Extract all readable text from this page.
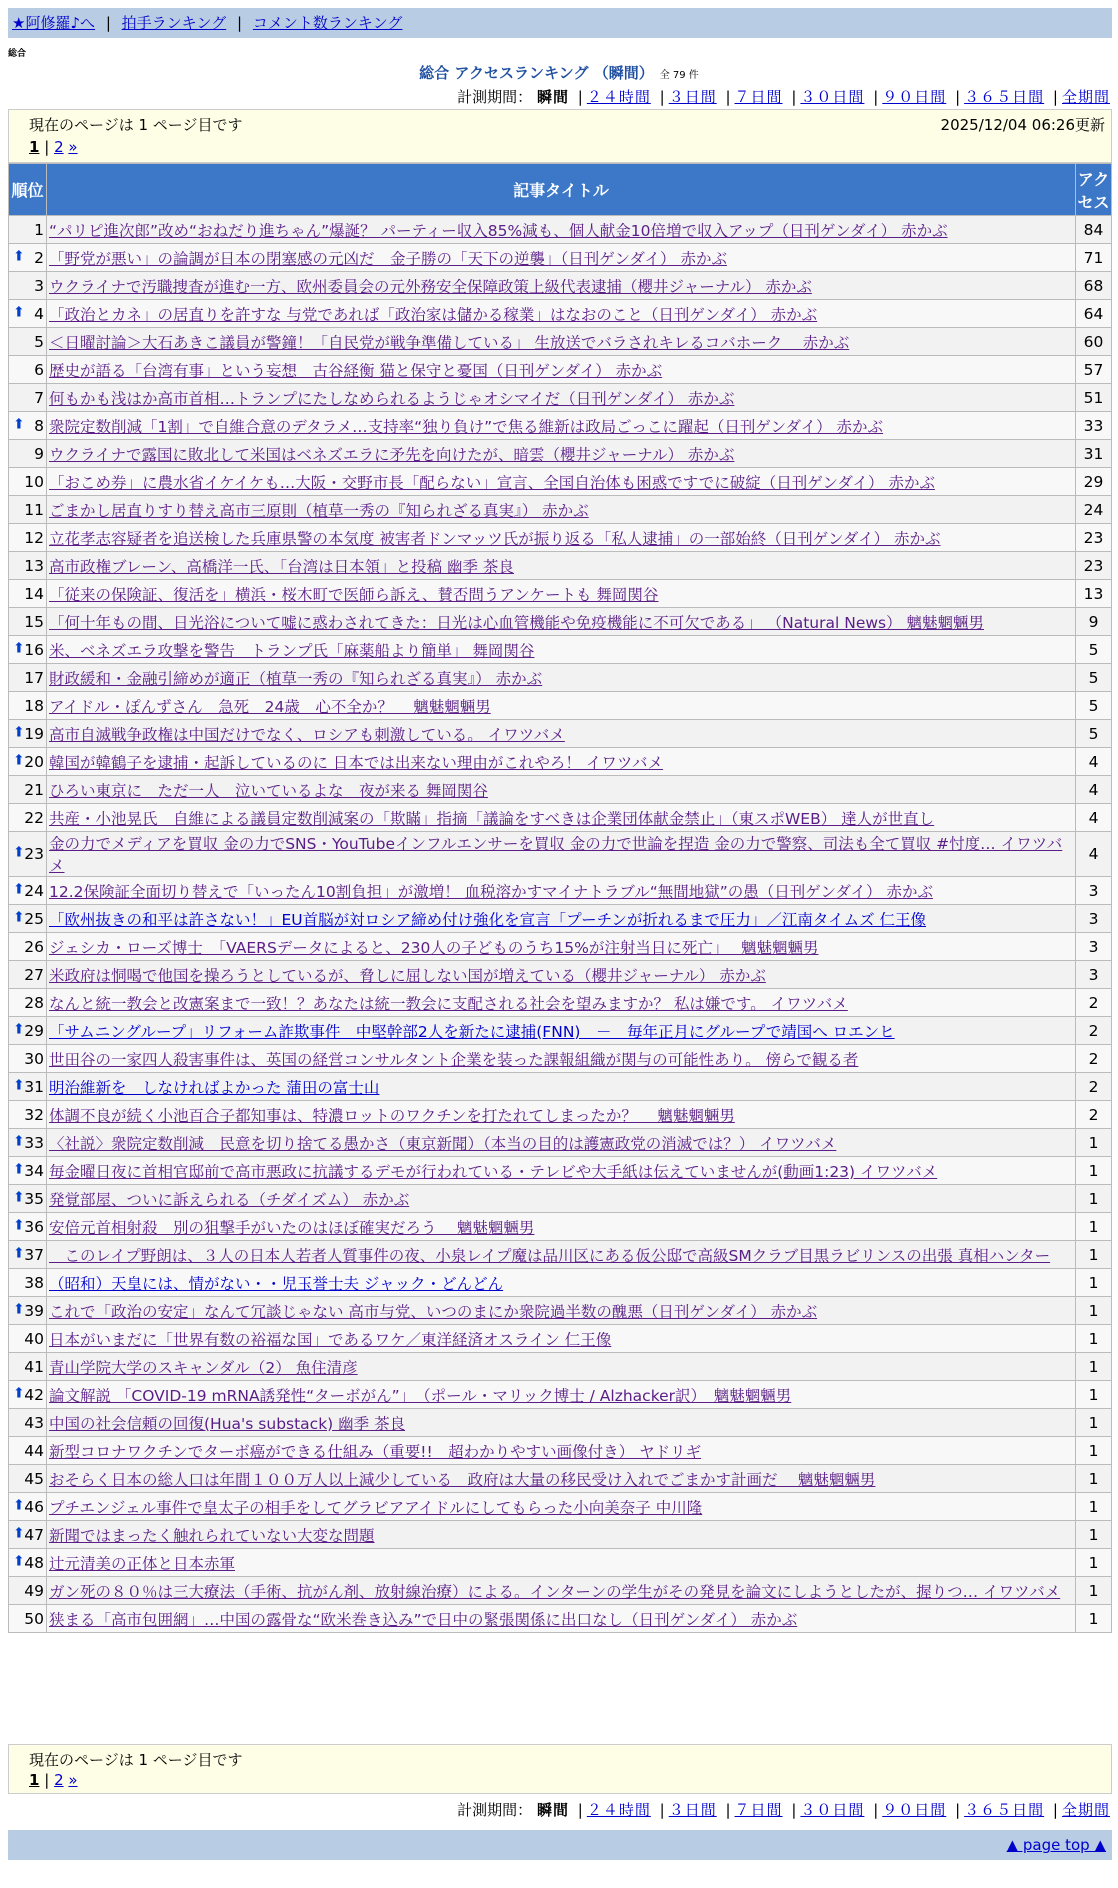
★阿修羅♪へ | 拍手ランキング | コメント数ランキング
総合
総合 アクセスランキング （瞬間） 全 79 件
計測期間： 瞬間 | ２４時間 | ３日間 | ７日間 | ３０日間 | ９０日間 | ３６５日間 | 全期間
現在のページは 1 ページ目です	2025/12/04 06:26更新
1 | 2 »
順位	記事タイトル	アクセス
1	“パリピ進次郎”改め“おねだり進ちゃん”爆誕？ パーティー収入85%減も、個人献金10倍増で収入アップ（日刊ゲンダイ） 赤かぶ	84

⬆ 2	「野党が悪い」の論調が日本の閉塞感の元凶だ　金子勝の「天下の逆襲」（日刊ゲンダイ） 赤かぶ	71
3	ウクライナで汚職捜査が進む一方、欧州委員会の元外務安全保障政策上級代表逮捕（櫻井ジャーナル） 赤かぶ	68

⬆ 4	「政治とカネ」の居直りを許すな 与党であれば「政治家は儲かる稼業」はなおのこと（日刊ゲンダイ） 赤かぶ	64
5	＜日曜討論＞大石あきこ議員が警鐘！「自民党が戦争準備している」 生放送でバラされキレるコバホーク　 赤かぶ	60
6	歴史が語る「台湾有事」という妄想　古谷経衡 猫と保守と憂国（日刊ゲンダイ） 赤かぶ	57
7	何もかも浅はか高市首相…トランプにたしなめられるようじゃオシマイだ（日刊ゲンダイ） 赤かぶ	51

⬆ 8	衆院定数削減「1割」で自維合意のデタラメ…支持率“独り負け”で焦る維新は政局ごっこに躍起（日刊ゲンダイ） 赤かぶ	33
9	ウクライナで露国に敗北して米国はベネズエラに矛先を向けたが、暗雲（櫻井ジャーナル） 赤かぶ	31
10	「おこめ券」に農水省イケイケも…大阪・交野市長「配らない」宣言、全国自治体も困惑ですでに破綻（日刊ゲンダイ） 赤かぶ	29
11	ごまかし居直りすり替え高市三原則（植草一秀の『知られざる真実』） 赤かぶ	24
12	立花孝志容疑者を追送検した兵庫県警の本気度 被害者ドンマッツ氏が振り返る「私人逮捕」の一部始終（日刊ゲンダイ） 赤かぶ	23
13	高市政権ブレーン、高橋洋一氏、「台湾は日本領」と投稿 幽季 茶良	23
14	「従来の保険証、復活を」横浜・桜木町で医師ら訴え、賛否問うアンケートも 舞岡関谷	13
15	「何十年もの間、日光浴について嘘に惑わされてきた：日光は心血管機能や免疫機能に不可欠である」 （Natural News） 魑魅魍魎男	9

⬆ 16	米、ベネズエラ攻撃を警告　トランプ氏「麻薬船より簡単」 舞岡関谷	5
17	財政緩和・金融引締めが適正（植草一秀の『知られざる真実』） 赤かぶ	5
18	アイドル・ぽんずさん　急死　24歳　心不全か？　 魑魅魍魎男	5

⬆ 19	高市自滅戦争政権は中国だけでなく、ロシアも刺激している。 イワツバメ	5

⬆ 20	韓国が韓鶴子を逮捕・起訴しているのに 日本では出来ない理由がこれやろ！ イワツバメ	4
21	ひろい東京に　ただ一人　泣いているよな　夜が来る 舞岡関谷	4
22	共産・小池晃氏　自維による議員定数削減案の「欺瞞」指摘「議論をすべきは企業団体献金禁止」（東スポWEB） 達人が世直し	4

⬆ 23	金の力でメディアを買収 金の力でSNS・YouTubeインフルエンサーを買収 金の力で世論を捏造 金の力で警察、司法も全て買収 #忖度… イワツバメ	4

⬆ 24	12.2保険証全面切り替えで「いったん10割負担」が激増！ 血税溶かすマイナトラブル“無間地獄”の愚（日刊ゲンダイ） 赤かぶ	3

⬆ 25	「欧州抜きの和平は許さない！」EU首脳が対ロシア締め付け強化を宣言「プーチンが折れるまで圧力」／江南タイムズ 仁王像	3
26	ジェシカ・ローズ博士　「VAERSデータによると、230人の子どものうち15%が注射当日に死亡」　 魑魅魍魎男	3
27	米政府は恫喝で他国を操ろうとしているが、脅しに屈しない国が増えている（櫻井ジャーナル） 赤かぶ	3
28	なんと統一教会と改憲案まで一致！？あなたは統一教会に支配される社会を望みますか？ 私は嫌です。 イワツバメ	2

⬆ 29	「サムニングループ」リフォーム詐欺事件　中堅幹部2人を新たに逮捕(FNN)　－　毎年正月にグループで靖国へ ロエンヒ	2
30	世田谷の一家四人殺害事件は、英国の経営コンサルタント企業を装った課報組織が関与の可能性あり。 傍らで観る者	2

⬆ 31	明治維新を　しなければよかった 蒲田の富士山	2
32	体調不良が続く小池百合子都知事は、特濃ロットのワクチンを打たれてしまったか？　 魑魅魍魎男	2

⬆ 33	〈社説〉衆院定数削減　民意を切り捨てる愚かさ（東京新聞）（本当の目的は護憲政党の消滅では？） イワツバメ	1

⬆ 34	毎金曜日夜に首相官邸前で高市悪政に抗議するデモが行われている・テレビや大手紙は伝えていませんが(動画1:23) イワツバメ	1

⬆ 35	発覚部屋、ついに訴えられる（チダイズム） 赤かぶ	1

⬆ 36	安倍元首相射殺　別の狙撃手がいたのはほぼ確実だろう　 魑魅魍魎男	1

⬆ 37	　このレイプ野朗は、３人の日本人若者人質事件の夜、小泉レイプ魔は品川区にある仮公邸で高級SMクラブ目黒ラビリンスの出張 真相ハンター	1
38	（昭和）天皇には、情がない・・児玉誉士夫 ジャック・どんどん	1

⬆ 39	これで「政治の安定」なんて冗談じゃない 高市与党、いつのまにか衆院過半数の醜悪（日刊ゲンダイ） 赤かぶ	1
40	日本がいまだに「世界有数の裕福な国」であるワケ／東洋経済オスライン 仁王像	1
41	青山学院大学のスキャンダル（2） 魚住清彦	1

⬆ 42	論文解説 「COVID-19 mRNA誘発性“ターボがん”」　（ポール・マリック博士 / Alzhacker訳）　魑魅魍魎男	1
43	中国の社会信頼の回復(Hua's substack) 幽季 茶良	1
44	新型コロナワクチンでターボ癌ができる仕組み（重要!!　超わかりやすい画像付き） ヤドリギ	1
45	おそらく日本の総人口は年間１００万人以上減少している　政府は大量の移民受け入れでごまかす計画だ　 魑魅魍魎男	1

⬆ 46	プチエンジェル事件で皇太子の相手をしてグラビアアイドルにしてもらった小向美奈子 中川隆	1

⬆ 47	新聞ではまったく触れられていない大変な問題	1

⬆ 48	辻元清美の正体と日本赤軍	1
49	ガン死の８０％は三大療法（手術、抗がん剤、放射線治療）による。インターンの学生がその発見を論文にしようとしたが、握りつ… イワツバメ	1
50	狭まる「高市包囲網」…中国の露骨な“欧米巻き込み”で日中の緊張関係に出口なし（日刊ゲンダイ） 赤かぶ	1
現在のページは 1 ページ目です
1 | 2 »
計測期間： 瞬間 | ２４時間 | ３日間 | ７日間 | ３０日間 | ９０日間 | ３６５日間 | 全期間
▲ page top ▲
